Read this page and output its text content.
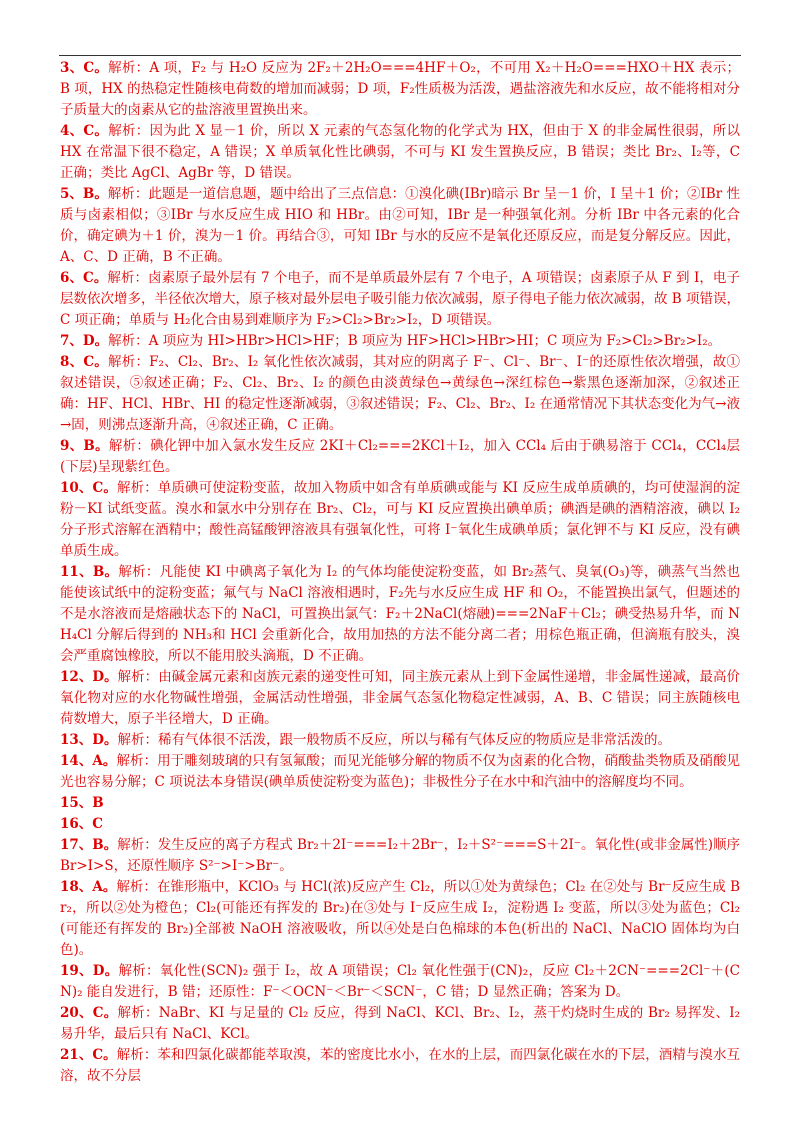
3、C。解析：A 项，F₂ 与 H₂O 反应为 2F₂＋2H₂O===4HF＋O₂，不可用 X₂＋H₂O===HXO＋HX 表示；B 项，HX 的热稳定性随核电荷数的增加而减弱；D 项，F₂性质极为活泼，遇盐溶液先和水反应，故不能将相对分子质量大的卤素从它的盐溶液里置换出来。

4、C。解析：因为此 X 显－1 价，所以 X 元素的气态氢化物的化学式为 HX，但由于 X 的非金属性很弱，所以 HX 在常温下很不稳定，A 错误；X 单质氧化性比碘弱，不可与 KI 发生置换反应，B 错误；类比 Br₂、I₂等，C 正确；类比 AgCl、AgBr 等，D 错误。

5、B。解析：此题是一道信息题，题中给出了三点信息：①溴化碘(IBr)暗示 Br 呈－1 价，I 呈＋1 价；②IBr 性质与卤素相似；③IBr 与水反应生成 HIO 和 HBr。由②可知，IBr 是一种强氧化剂。分析 IBr 中各元素的化合价，确定碘为＋1 价，溴为－1 价。再结合③，可知 IBr 与水的反应不是氧化还原反应，而是复分解反应。因此，A、C、D 正确，B 不正确。

6、C。解析：卤素原子最外层有 7 个电子，而不是单质最外层有 7 个电子，A 项错误；卤素原子从 F 到 I，电子层数依次增多，半径依次增大，原子核对最外层电子吸引能力依次减弱，原子得电子能力依次减弱，故 B 项错误，C 项正确；单质与 H₂化合由易到难顺序为 F₂>Cl₂>Br₂>I₂，D 项错误。

7、D。解析：A 项应为 HI>HBr>HCl>HF；B 项应为 HF>HCl>HBr>HI；C 项应为 F₂>Cl₂>Br₂>I₂。

8、C。解析：F₂、Cl₂、Br₂、I₂ 氧化性依次减弱，其对应的阴离子 F⁻、Cl⁻、Br⁻、I⁻的还原性依次增强，故①叙述错误，⑤叙述正确；F₂、Cl₂、Br₂、I₂ 的颜色由淡黄绿色→黄绿色→深红棕色→紫黑色逐渐加深，②叙述正确：HF、HCl、HBr、HI 的稳定性逐渐减弱，③叙述错误；F₂、Cl₂、Br₂、I₂ 在通常情况下其状态变化为气→液→固，则沸点逐渐升高，④叙述正确，C 正确。

9、B。解析：碘化钾中加入氯水发生反应 2KI＋Cl₂===2KCl＋I₂，加入 CCl₄ 后由于碘易溶于 CCl₄，CCl₄层(下层)呈现紫红色。

10、C。解析：单质碘可使淀粉变蓝，故加入物质中如含有单质碘或能与 KI 反应生成单质碘的，均可使湿润的淀粉－KI 试纸变蓝。溴水和氯水中分别存在 Br₂、Cl₂，可与 KI 反应置换出碘单质；碘酒是碘的酒精溶液，碘以 I₂ 分子形式溶解在酒精中；酸性高锰酸钾溶液具有强氧化性，可将 I⁻氧化生成碘单质；氯化钾不与 KI 反应，没有碘单质生成。

11、B。解析：凡能使 KI 中碘离子氧化为 I₂ 的气体均能使淀粉变蓝，如 Br₂蒸气、臭氧(O₃)等，碘蒸气当然也能使该试纸中的淀粉变蓝；氟气与 NaCl 溶液相遇时，F₂先与水反应生成 HF 和 O₂，不能置换出氯气，但题述的不是水溶液而是熔融状态下的 NaCl，可置换出氯气：F₂＋2NaCl(熔融)===2NaF＋Cl₂；碘受热易升华，而 NH₄Cl 分解后得到的 NH₃和 HCl 会重新化合，故用加热的方法不能分离二者；用棕色瓶正确，但滴瓶有胶头，溴会严重腐蚀橡胶，所以不能用胶头滴瓶，D 不正确。

12、D。解析：由碱金属元素和卤族元素的递变性可知，同主族元素从上到下金属性递增，非金属性递减，最高价氧化物对应的水化物碱性增强，金属活动性增强，非金属气态氢化物稳定性减弱，A、B、C 错误；同主族随核电荷数增大，原子半径增大，D 正确。

13、D。解析：稀有气体很不活泼，跟一般物质不反应，所以与稀有气体反应的物质应是非常活泼的。

14、A。解析：用于雕刻玻璃的只有氢氟酸；而见光能够分解的物质不仅为卤素的化合物，硝酸盐类物质及硝酸见光也容易分解；C 项说法本身错误(碘单质使淀粉变为蓝色)；非极性分子在水中和汽油中的溶解度均不同。

15、B

16、C

17、B。解析：发生反应的离子方程式 Br₂＋2I⁻===I₂＋2Br⁻，I₂＋S²⁻===S＋2I⁻。氧化性(或非金属性)顺序 Br>I>S，还原性顺序 S²⁻>I⁻>Br⁻。

18、A。解析：在锥形瓶中，KClO₃ 与 HCl(浓)反应产生 Cl₂，所以①处为黄绿色；Cl₂ 在②处与 Br⁻反应生成 Br₂，所以②处为橙色；Cl₂(可能还有挥发的 Br₂)在③处与 I⁻反应生成 I₂，淀粉遇 I₂ 变蓝，所以③处为蓝色；Cl₂(可能还有挥发的 Br₂)全部被 NaOH 溶液吸收，所以④处是白色棉球的本色(析出的 NaCl、NaClO 固体均为白色)。

19、D。解析：氧化性(SCN)₂ 强于 I₂，故 A 项错误；Cl₂ 氧化性强于(CN)₂，反应 Cl₂＋2CN⁻===2Cl⁻＋(CN)₂ 能自发进行，B 错；还原性：F⁻＜OCN⁻＜Br⁻＜SCN⁻，C 错；D 显然正确；答案为 D。

20、C。解析：NaBr、KI 与足量的 Cl₂ 反应，得到 NaCl、KCl、Br₂、I₂，蒸干灼烧时生成的 Br₂ 易挥发、I₂ 易升华，最后只有 NaCl、KCl。

21、C。解析：苯和四氯化碳都能萃取溴，苯的密度比水小，在水的上层，而四氯化碳在水的下层，酒精与溴水互溶，故不分层
